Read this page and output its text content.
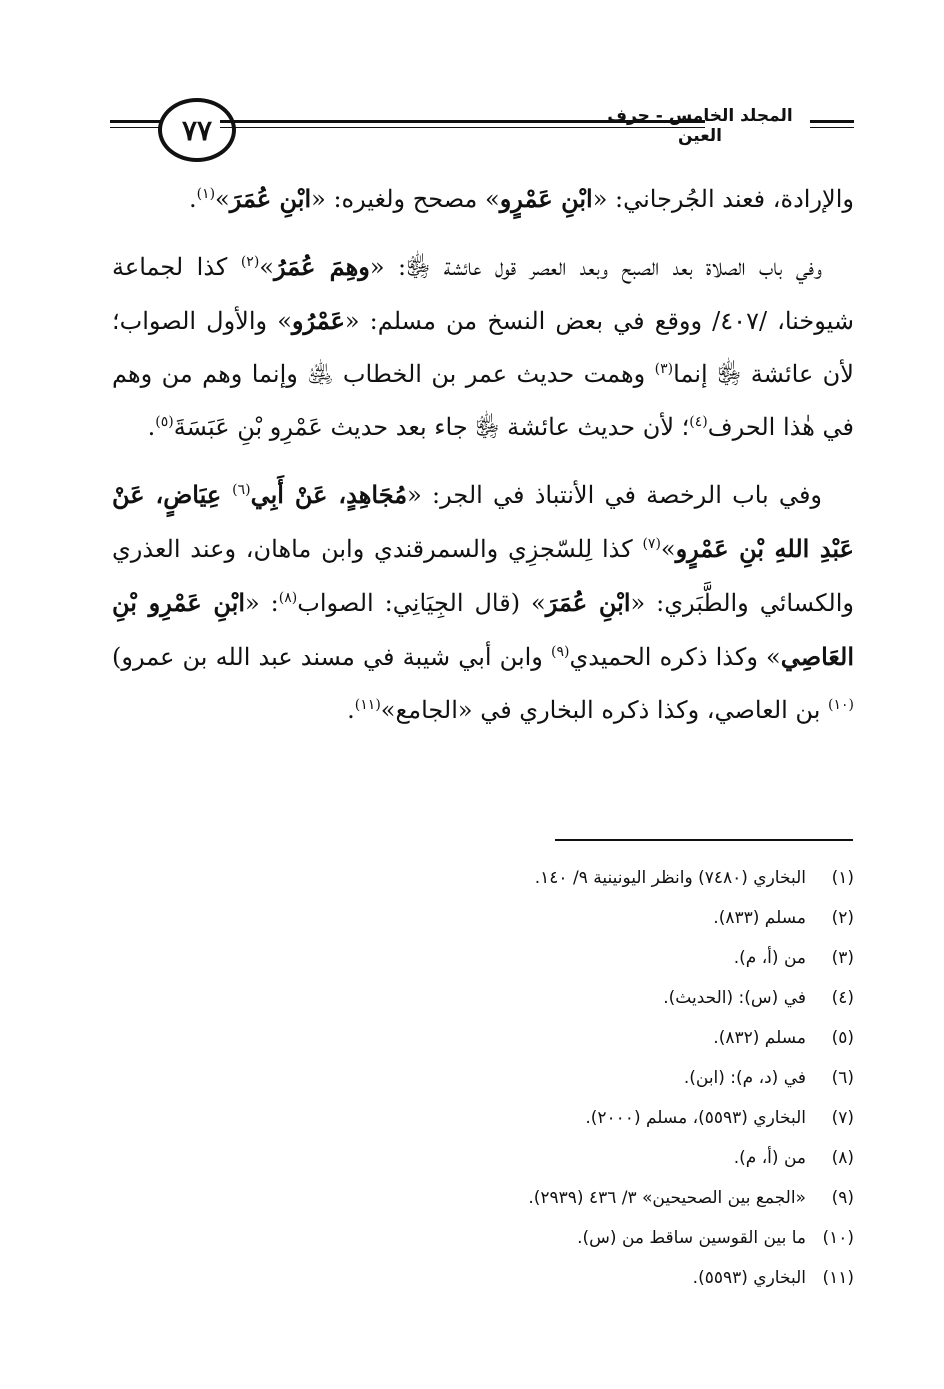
٧٧	المجلد الخامس - حرف العين

والإرادة، فعند الجُرجاني: «ابْنِ عَمْرٍو» مصحح ولغيره: «ابْنِ عُمَرَ»$^{(١)}$.

وفي باب الصلاة بعد الصبح وبعد العصر قول عائشة ﵂: «وهِمَ عُمَرُ»$^{(٢)}$ كذا لجماعة شيوخنا، /٤٠٧/ ووقع في بعض النسخ من مسلم: «عَمْرُو» والأول الصواب؛ لأن عائشة ﵂ إنما$^{(٣)}$ وهمت حديث عمر بن الخطاب ﵁ وإنما وهم من وهم في هٰذا الحرف$^{(٤)}$؛ لأن حديث عائشة ﵂ جاء بعد حديث عَمْرِو بْنِ عَبَسَةَ$^{(٥)}$.

وفي باب الرخصة في الأنتباذ في الجر: «مُجَاهِدٍ، عَنْ أَبِي$^{(٦)}$ عِيَاضٍ، عَنْ عَبْدِ اللهِ بْنِ عَمْرٍو»$^{(٧)}$ كذا لِلسّجزِي والسمرقندي وابن ماهان، وعند العذري والكسائي والطَّبَري: «ابْنِ عُمَرَ» (قال الجِيَانِي: الصواب$^{(٨)}$: «ابْنِ عَمْرِو بْنِ العَاصِي» وكذا ذكره الحميدي$^{(٩)}$ وابن أبي شيبة في مسند عبد الله بن عمرو)$^{(١٠)}$ بن العاصي، وكذا ذكره البخاري في «الجامع»$^{(١١)}$.

(١)
البخاري (٧٤٨٠) وانظر اليونينية ٩/ ١٤٠.
(٢)
مسلم (٨٣٣).
(٣)
من (أ، م).
(٤)
في (س): (الحديث).
(٥)
مسلم (٨٣٢).
(٦)
في (د، م): (ابن).
(٧)
البخاري (٥٥٩٣)، مسلم (٢٠٠٠).
(٨)
من (أ، م).
(٩)
«الجمع بين الصحيحين» ٣/ ٤٣٦ (٢٩٣٩).
(١٠)
ما بين القوسين ساقط من (س).
(١١)
البخاري (٥٥٩٣).
